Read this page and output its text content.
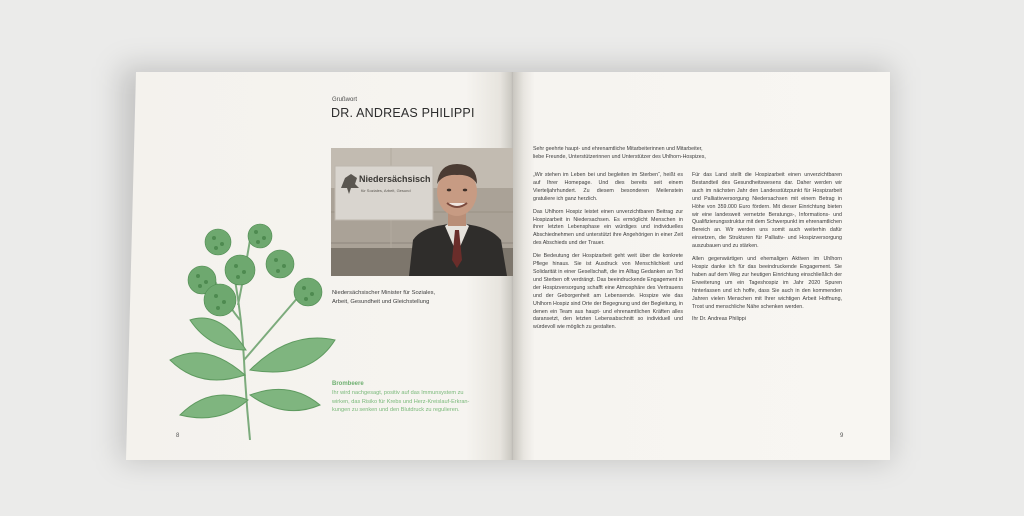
Grußwort
DR. ANDREAS PHILIPPI
Niedersächsisch
für Soziales, Arbeit, Gesund
Niedersächsischer Minister für Soziales,
Arbeit, Gesundheit und Gleichstellung
Brombeere
Ihr wird nachgesagt, positiv auf das Immunsystem zu
wirken, das Risiko für Krebs und Herz-Kreislauf-Erkran-
kungen zu senken und den Blutdruck zu regulieren.
8
Sehr geehrte haupt- und ehrenamtliche Mitarbeiterinnen und Mitarbeiter,
liebe Freunde, Unterstützerinnen und Unterstützer des Uhlhorn-Hospizes,

„Wir stehen im Leben bei und begleiten im Sterben“, heißt es auf Ihrer Homepage. Und dies bereits seit einem Vierteljahrhundert. Zu diesem besonderen Meilenstein gratuliere ich ganz herzlich.

Das Uhlhorn Hospiz leistet einen unverzichtbaren Beitrag zur Hospizarbeit in Niedersachsen. Es ermöglicht Menschen in ihrer letzten Lebensphase ein würdiges und individuelles Abschiednehmen und unterstützt ihre Angehörigen in einer Zeit des Abschieds und der Trauer.

Die Bedeutung der Hospizarbeit geht weit über die konkrete Pflege hinaus. Sie ist Ausdruck von Menschlichkeit und Solidarität in einer Gesellschaft, die im Alltag Gedanken an Tod und Sterben oft verdrängt. Das beeindruckende Engagement in der Hospizversorgung schafft eine Atmosphäre des Vertrauens und der Geborgenheit am Lebensende. Hospize wie das Uhlhorn Hospiz sind Orte der Begegnung und der Begleitung, in denen ein Team aus haupt- und ehrenamtlichen Kräften alles daransetzt, den letzten Lebensabschnitt so individuell und würdevoll wie möglich zu gestalten.

Für das Land stellt die Hospizarbeit einen unverzichtbaren Bestandteil des Gesundheitswesens dar. Daher werden wir auch im nächsten Jahr den Landesstützpunkt für Hospizarbeit und Palliativversorgung Niedersachsen mit einem Betrag in Höhe von 359.000 Euro fördern. Mit dieser Einrichtung bieten wir eine landesweit vernetzte Beratungs-, Informations- und Qualifizierungsstruktur mit dem Schwerpunkt im ehrenamtlichen Bereich an. Wir werden uns somit auch weiterhin dafür einsetzen, die Strukturen für Palliativ- und Hospizversorgung auszubauen und zu stärken.

Allen gegenwärtigen und ehemaligen Aktiven im Uhlhorn Hospiz danke ich für das beeindruckende Engagement. Sie haben auf dem Weg zur heutigen Einrichtung einschließlich der Erweiterung um ein Tageshospiz im Jahr 2020 Spuren hinterlassen und ich hoffe, dass Sie auch in den kommenden Jahren vielen Menschen mit Ihrer wichtigen Arbeit Hoffnung, Trost und menschliche Nähe schenken werden.

Ihr Dr. Andreas Philippi

9
